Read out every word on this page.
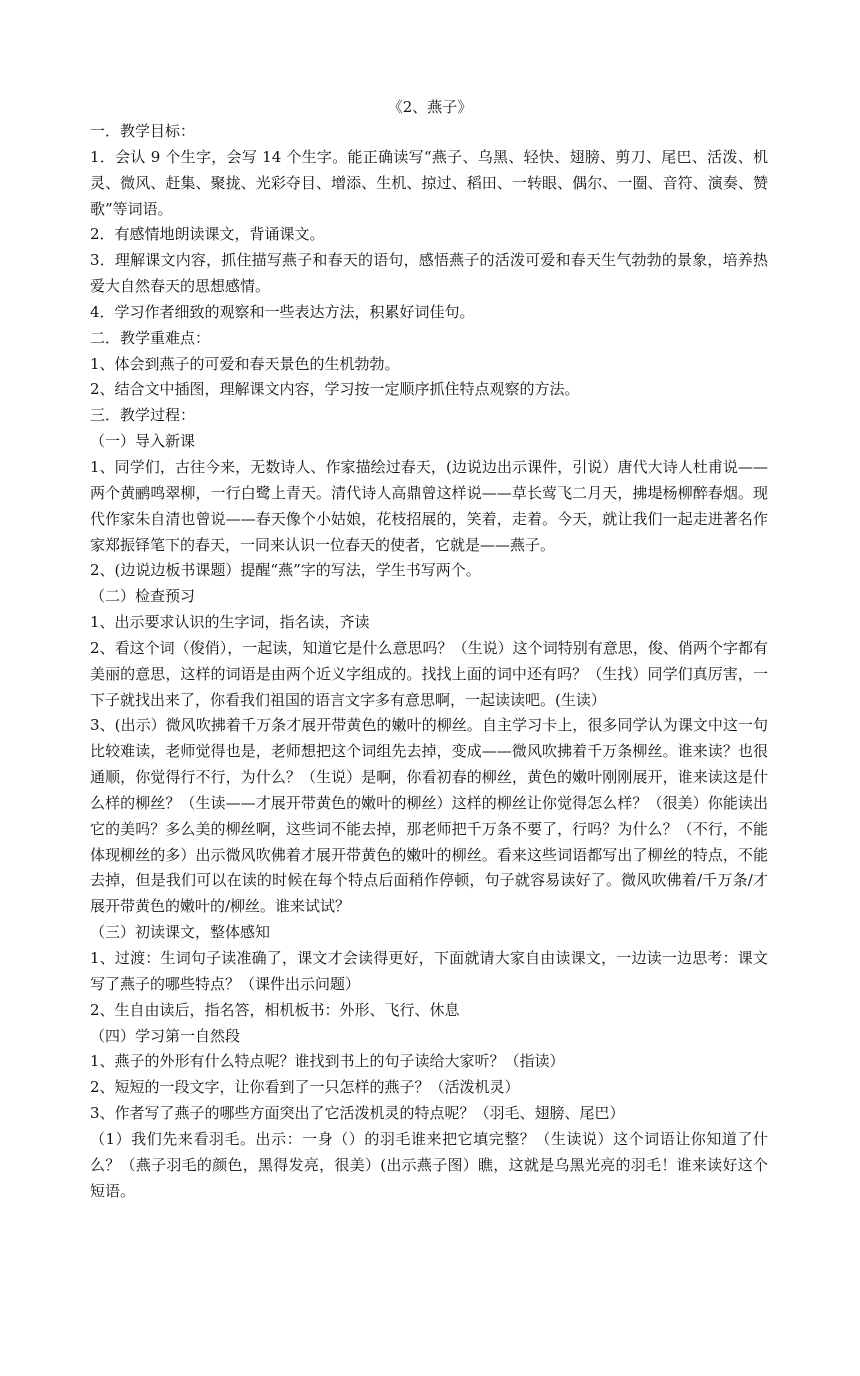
《2、燕子》

一．教学目标：

1．会认 9 个生字，会写 14 个生字。能正确读写“燕子、乌黑、轻快、翅膀、剪刀、尾巴、活泼、机灵、微风、赶集、聚拢、光彩夺目、增添、生机、掠过、稻田、一转眼、偶尔、一圈、音符、演奏、赞歌”等词语。

2．有感情地朗读课文，背诵课文。

3．理解课文内容，抓住描写燕子和春天的语句，感悟燕子的活泼可爱和春天生气勃勃的景象，培养热爱大自然春天的思想感情。

4．学习作者细致的观察和一些表达方法，积累好词佳句。

二．教学重难点：

1、体会到燕子的可爱和春天景色的生机勃勃。

2、结合文中插图，理解课文内容，学习按一定顺序抓住特点观察的方法。

三．教学过程：

（一）导入新课

1、同学们，古往今来，无数诗人、作家描绘过春天，(边说边出示课件，引说）唐代大诗人杜甫说——两个黄鹂鸣翠柳，一行白鹭上青天。清代诗人高鼎曾这样说——草长莺飞二月天，拂堤杨柳醉春烟。现代作家朱自清也曾说——春天像个小姑娘，花枝招展的，笑着，走着。今天，就让我们一起走进著名作家郑振铎笔下的春天，一同来认识一位春天的使者，它就是——燕子。

2、(边说边板书课题）提醒“燕”字的写法，学生书写两个。

（二）检查预习

1、出示要求认识的生字词，指名读，齐读

2、看这个词（俊俏），一起读，知道它是什么意思吗？（生说）这个词特别有意思，俊、俏两个字都有美丽的意思，这样的词语是由两个近义字组成的。找找上面的词中还有吗？（生找）同学们真厉害，一下子就找出来了，你看我们祖国的语言文字多有意思啊，一起读读吧。(生读）

3、(出示）微风吹拂着千万条才展开带黄色的嫩叶的柳丝。自主学习卡上，很多同学认为课文中这一句比较难读，老师觉得也是，老师想把这个词组先去掉，变成——微风吹拂着千万条柳丝。谁来读？也很通顺，你觉得行不行，为什么？（生说）是啊，你看初春的柳丝，黄色的嫩叶刚刚展开，谁来读这是什么样的柳丝？（生读——才展开带黄色的嫩叶的柳丝）这样的柳丝让你觉得怎么样？（很美）你能读出它的美吗？多么美的柳丝啊，这些词不能去掉，那老师把千万条不要了，行吗？为什么？（不行，不能体现柳丝的多）出示微风吹佛着才展开带黄色的嫩叶的柳丝。看来这些词语都写出了柳丝的特点，不能去掉，但是我们可以在读的时候在每个特点后面稍作停顿，句子就容易读好了。微风吹佛着/千万条/才展开带黄色的嫩叶的/柳丝。谁来试试？

（三）初读课文，整体感知

1、过渡：生词句子读准确了，课文才会读得更好，下面就请大家自由读课文，一边读一边思考：课文写了燕子的哪些特点？（课件出示问题）

2、生自由读后，指名答，相机板书：外形、飞行、休息

（四）学习第一自然段

1、燕子的外形有什么特点呢？谁找到书上的句子读给大家听？（指读）

2、短短的一段文字，让你看到了一只怎样的燕子？（活泼机灵）

3、作者写了燕子的哪些方面突出了它活泼机灵的特点呢？（羽毛、翅膀、尾巴）

（1）我们先来看羽毛。出示：一身（）的羽毛谁来把它填完整？（生读说）这个词语让你知道了什么？（燕子羽毛的颜色，黑得发亮，很美）(出示燕子图）瞧，这就是乌黑光亮的羽毛！谁来读好这个短语。
